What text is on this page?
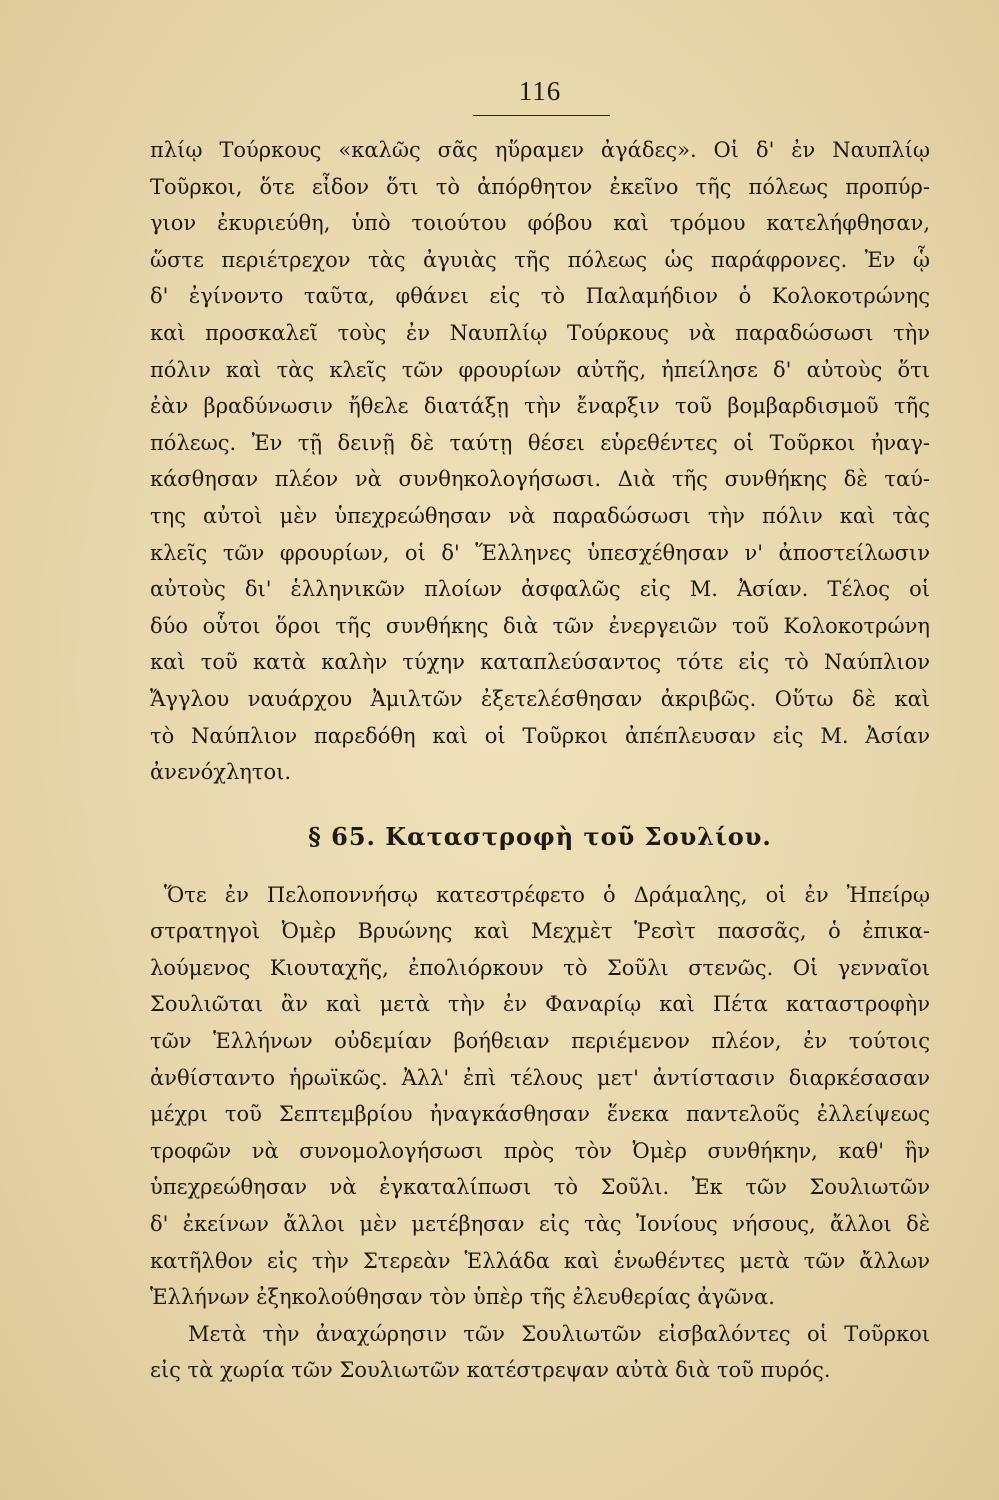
116
πλίῳ Τούρκους «καλῶς σᾶς ηὕραμεν ἀγάδες». Οἱ δ' ἐν Ναυπλίῳ
Τοῦρκοι, ὅτε εἶδον ὅτι τὸ ἀπόρθητον ἐκεῖνο τῆς πόλεως προπύρ-
γιον ἐκυριεύθη, ὑπὸ τοιούτου φόβου καὶ τρόμου κατελήφθησαν,
ὥστε περιέτρεχον τὰς ἀγυιὰς τῆς πόλεως ὡς παράφρονες. Ἐν ᾧ
δ' ἐγίνοντο ταῦτα, φθάνει εἰς τὸ Παλαμήδιον ὁ Κολοκοτρώνης
καὶ προσκαλεῖ τοὺς ἐν Ναυπλίῳ Τούρκους νὰ παραδώσωσι τὴν
πόλιν καὶ τὰς κλεῖς τῶν φρουρίων αὐτῆς, ἠπείλησε δ' αὐτοὺς ὅτι
ἐὰν βραδύνωσιν ἤθελε διατάξῃ τὴν ἔναρξιν τοῦ βομβαρδισμοῦ τῆς
πόλεως. Ἐν τῇ δεινῇ δὲ ταύτῃ θέσει εὑρεθέντες οἱ Τοῦρκοι ἠναγ-
κάσθησαν πλέον νὰ συνθηκολογήσωσι. Διὰ τῆς συνθήκης δὲ ταύ-
της αὐτοὶ μὲν ὑπεχρεώθησαν νὰ παραδώσωσι τὴν πόλιν καὶ τὰς
κλεῖς τῶν φρουρίων, οἱ δ' Ἕλληνες ὑπεσχέθησαν ν' ἀποστείλωσιν
αὐτοὺς δι' ἑλληνικῶν πλοίων ἀσφαλῶς εἰς Μ. Ἀσίαν. Τέλος οἱ
δύο οὗτοι ὅροι τῆς συνθήκης διὰ τῶν ἐνεργειῶν τοῦ Κολοκοτρώνη
καὶ τοῦ κατὰ καλὴν τύχην καταπλεύσαντος τότε εἰς τὸ Ναύπλιον
Ἄγγλου ναυάρχου Ἀμιλτῶν ἐξετελέσθησαν ἀκριβῶς. Οὕτω δὲ καὶ
τὸ Ναύπλιον παρεδόθη καὶ οἱ Τοῦρκοι ἀπέπλευσαν εἰς Μ. Ἀσίαν
ἀνενόχλητοι.
§ 65. Καταστροφὴ τοῦ Σουλίου.
Ὅτε ἐν Πελοποννήσῳ κατεστρέφετο ὁ Δράμαλης, οἱ ἐν Ἠπείρῳ
στρατηγοὶ Ὀμὲρ Βρυώνης καὶ Μεχμὲτ Ῥεσὶτ πασσᾶς, ὁ ἐπικα-
λούμενος Κιουταχῆς, ἐπολιόρκουν τὸ Σοῦλι στενῶς. Οἱ γενναῖοι
Σουλιῶται ἂν καὶ μετὰ τὴν ἐν Φαναρίῳ καὶ Πέτα καταστροφὴν
τῶν Ἑλλήνων οὐδεμίαν βοήθειαν περιέμενον πλέον, ἐν τούτοις
ἀνθίσταντο ἡρωϊκῶς. Ἀλλ' ἐπὶ τέλους μετ' ἀντίστασιν διαρκέσασαν
μέχρι τοῦ Σεπτεμβρίου ἠναγκάσθησαν ἕνεκα παντελοῦς ἐλλείψεως
τροφῶν νὰ συνομολογήσωσι πρὸς τὸν Ὀμὲρ συνθήκην, καθ' ἣν
ὑπεχρεώθησαν νὰ ἐγκαταλίπωσι τὸ Σοῦλι. Ἐκ τῶν Σουλιωτῶν
δ' ἐκείνων ἄλλοι μὲν μετέβησαν εἰς τὰς Ἰονίους νήσους, ἄλλοι δὲ
κατῆλθον εἰς τὴν Στερεὰν Ἑλλάδα καὶ ἑνωθέντες μετὰ τῶν ἄλλων
Ἑλλήνων ἐξηκολούθησαν τὸν ὑπὲρ τῆς ἐλευθερίας ἀγῶνα.
Μετὰ τὴν ἀναχώρησιν τῶν Σουλιωτῶν εἰσβαλόντες οἱ Τοῦρκοι
εἰς τὰ χωρία τῶν Σουλιωτῶν κατέστρεψαν αὐτὰ διὰ τοῦ πυρός.
